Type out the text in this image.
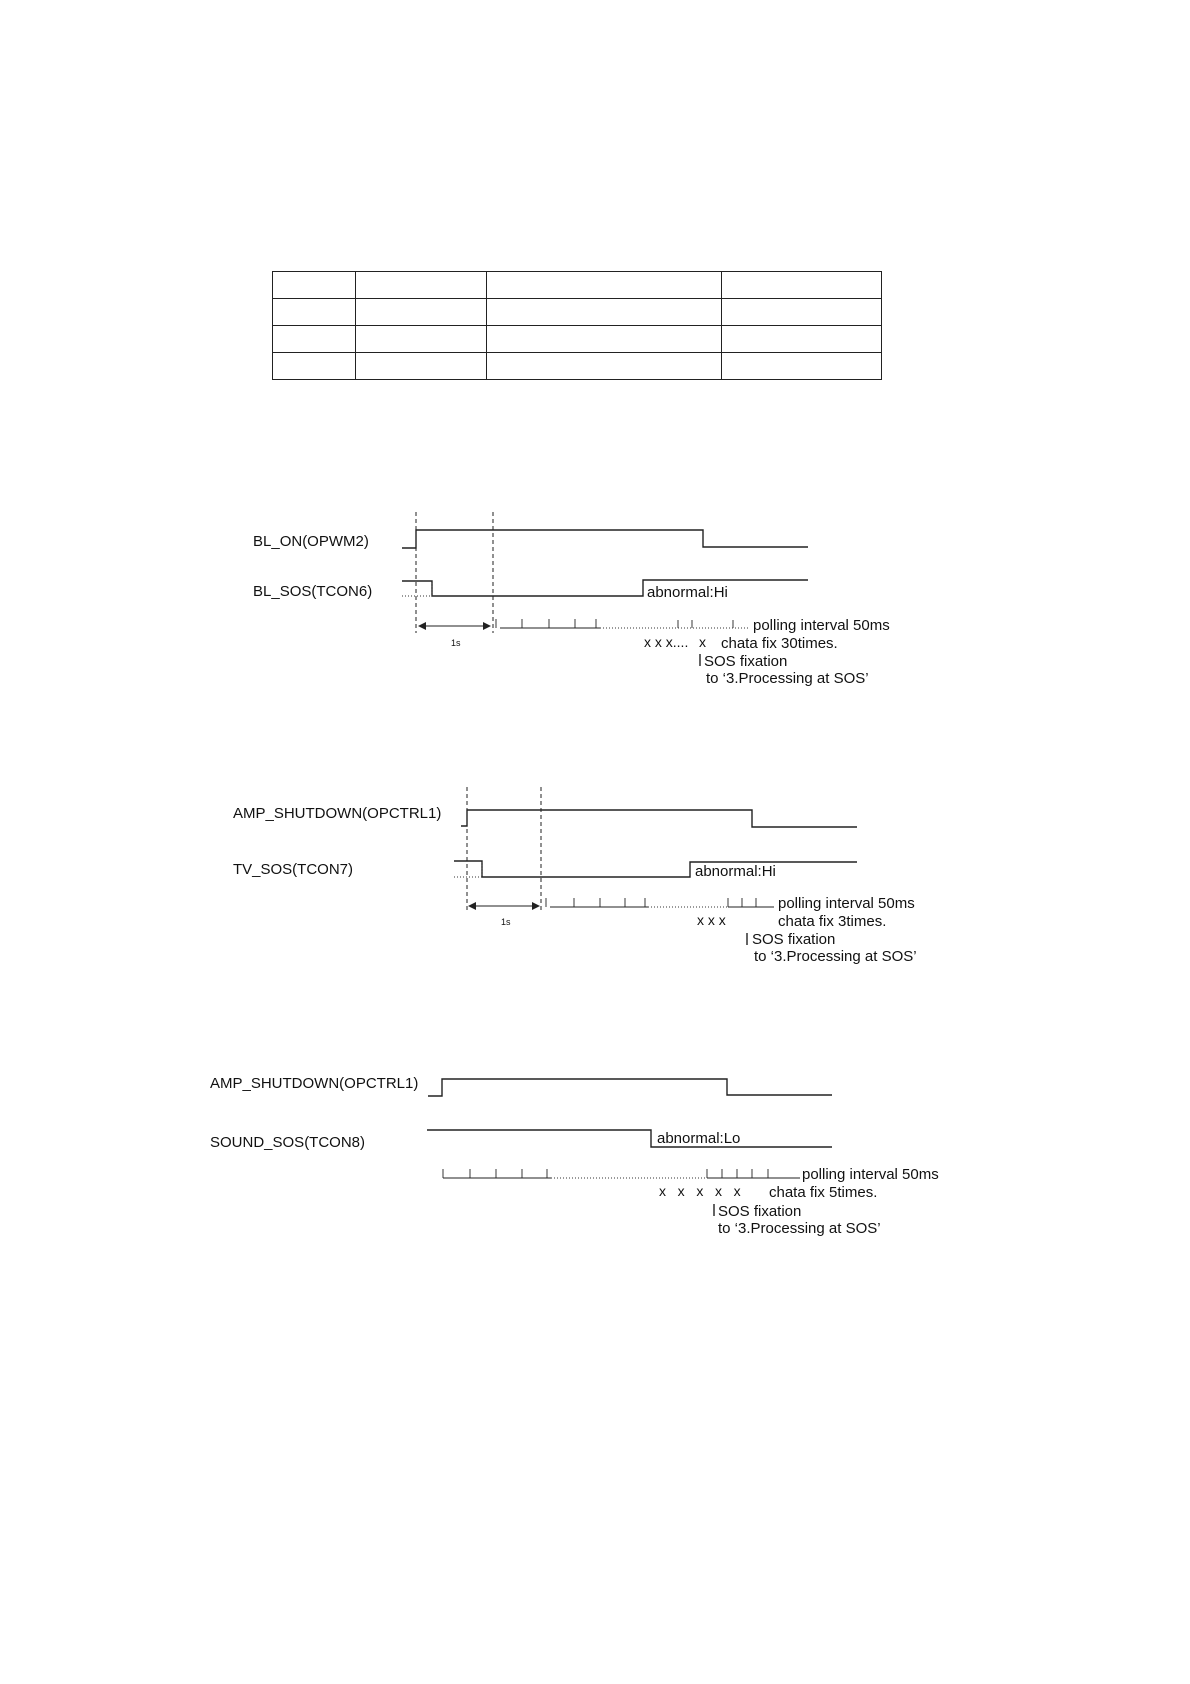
BL_ON(OPWM2)
BL_SOS(TCON6)	abnormal:Hi
1s
polling interval 50ms
x x x.... x chata fix 30times.
SOS fixation
to ‘3.Processing at SOS’
AMP_SHUTDOWN(OPCTRL1)
TV_SOS(TCON7)	abnormal:Hi
1s
polling interval 50ms
x x x	chata fix 3times.
SOS fixation
to ‘3.Processing at SOS’
AMP_SHUTDOWN(OPCTRL1)
SOUND_SOS(TCON8)	abnormal:Lo
polling interval 50ms
x   x   x   x   x chata fix 5times.
SOS fixation
to ‘3.Processing at SOS’
